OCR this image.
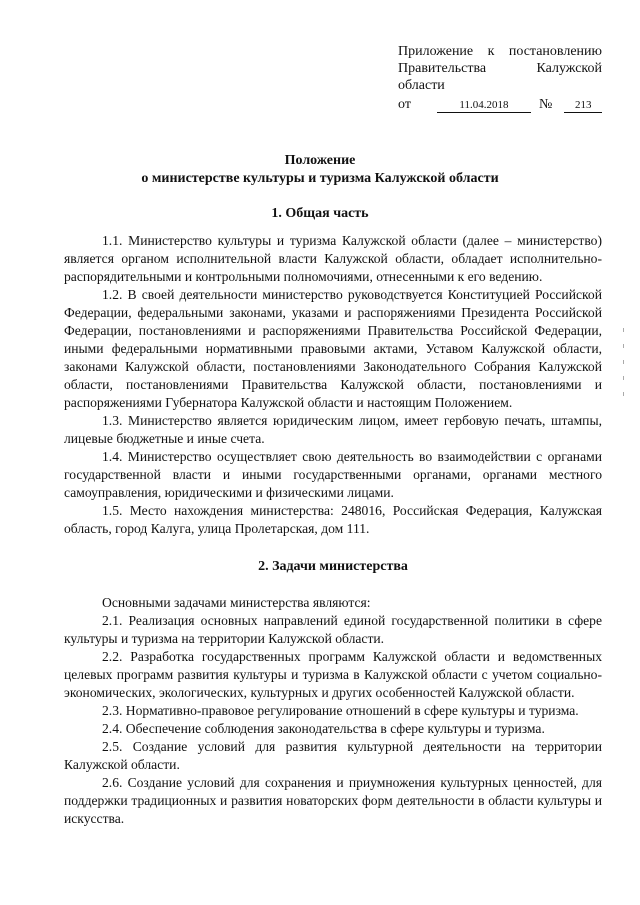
Приложение к постановлению
Правительства	Калужской
области
от	11.04.2018	№	213
Положение
о министерстве культуры и туризма Калужской области
1. Общая часть

1.1. Министерство культуры и туризма Калужской области (далее – министерство) является органом исполнительной власти Калужской области, обладает исполнительно-распорядительными и контрольными полномочиями, отнесенными к его ведению.

1.2. В своей деятельности министерство руководствуется Конституцией Российской Федерации, федеральными законами, указами и распоряжениями Президента Российской Федерации, постановлениями и распоряжениями Правительства Российской Федерации, иными федеральными нормативными правовыми актами, Уставом Калужской области, законами Калужской области, постановлениями Законодательного Собрания Калужской области, постановлениями Правительства Калужской области, постановлениями и распоряжениями Губернатора Калужской области и настоящим Положением.

1.3. Министерство является юридическим лицом, имеет гербовую печать, штампы, лицевые бюджетные и иные счета.

1.4. Министерство осуществляет свою деятельность во взаимодействии с органами государственной власти и иными государственными органами, органами местного самоуправления, юридическими и физическими лицами.

1.5. Место нахождения министерства: 248016, Российская Федерация, Калужская область, город Калуга, улица Пролетарская, дом 111.

2. Задачи министерства

Основными задачами министерства являются:

2.1. Реализация основных направлений единой государственной политики в сфере культуры и туризма на территории Калужской области.

2.2. Разработка государственных программ Калужской области и ведомственных целевых программ развития культуры и туризма в Калужской области с учетом социально-экономических, экологических, культурных и других особенностей Калужской области.

2.3. Нормативно-правовое регулирование отношений в сфере культуры и туризма.

2.4. Обеспечение соблюдения законодательства в сфере культуры и туризма.

2.5. Создание условий для развития культурной деятельности на территории Калужской области.

2.6. Создание условий для сохранения и приумножения культурных ценностей, для поддержки традиционных и развития новаторских форм деятельности в области культуры и искусства.
